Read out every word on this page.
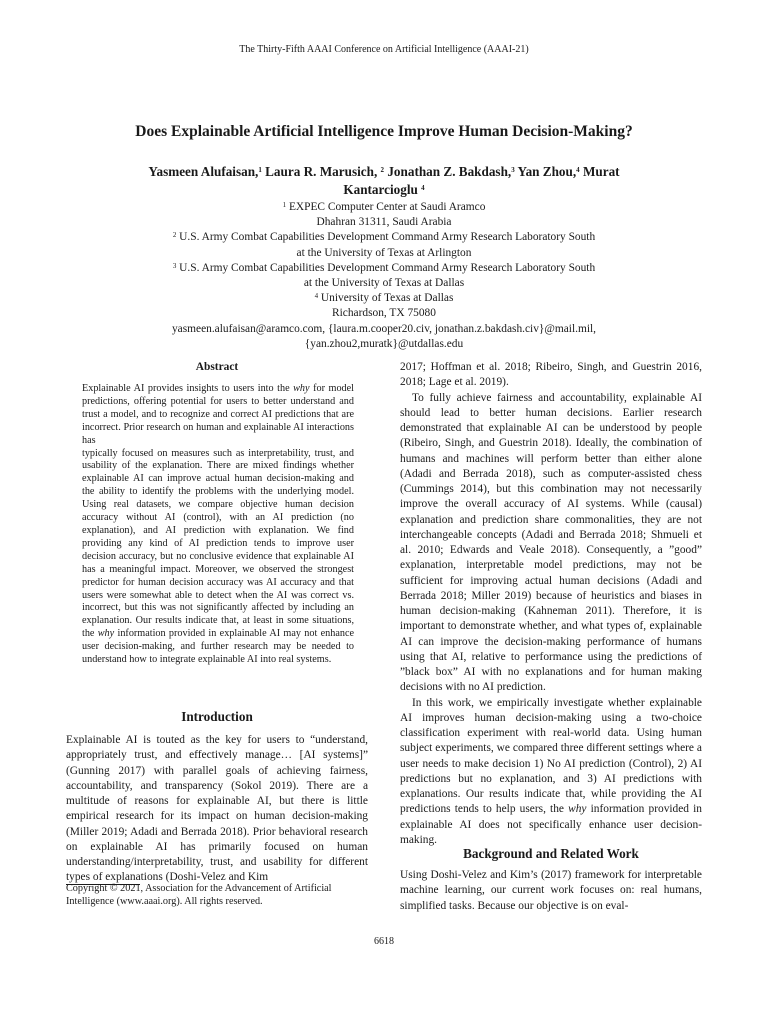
The Thirty-Fifth AAAI Conference on Artificial Intelligence (AAAI-21)
Does Explainable Artificial Intelligence Improve Human Decision-Making?
Yasmeen Alufaisan,$^1$ Laura R. Marusich, $^2$ Jonathan Z. Bakdash,$^3$ Yan Zhou,$^4$ Murat Kantarcioglu $^4$
$^1$ EXPEC Computer Center at Saudi Aramco
Dhahran 31311, Saudi Arabia
$^2$ U.S. Army Combat Capabilities Development Command Army Research Laboratory South
at the University of Texas at Arlington
$^3$ U.S. Army Combat Capabilities Development Command Army Research Laboratory South
at the University of Texas at Dallas
$^4$ University of Texas at Dallas
Richardson, TX 75080
yasmeen.alufaisan@aramco.com, {laura.m.cooper20.civ, jonathan.z.bakdash.civ}@mail.mil,
{yan.zhou2,muratk}@utdallas.edu
Abstract

Explainable AI provides insights to users into the why for model predictions, offering potential for users to better understand and trust a model, and to recognize and correct AI predictions that are incorrect. Prior research on human and explainable AI interactions has

typically focused on measures such as interpretability, trust, and usability of the explanation. There are mixed findings whether explainable AI can improve actual human decision-making and the ability to identify the problems with the underlying model. Using real datasets, we compare objective human decision accuracy without AI (control), with an AI prediction (no explanation), and AI prediction with explanation. We find providing any kind of AI prediction tends to improve user decision accuracy, but no conclusive evidence that explainable AI has a meaningful impact. Moreover, we observed the strongest predictor for human decision accuracy was AI accuracy and that users were somewhat able to detect when the AI was correct vs. incorrect, but this was not significantly affected by including an explanation. Our results indicate that, at least in some situations, the why information provided in explainable AI may not enhance user decision-making, and further research may be needed to understand how to integrate explainable AI into real systems.

Introduction

Explainable AI is touted as the key for users to “understand, appropriately trust, and effectively manage… [AI systems]” (Gunning 2017) with parallel goals of achieving fairness, accountability, and transparency (Sokol 2019). There are a multitude of reasons for explainable AI, but there is little empirical research for its impact on human decision-making (Miller 2019; Adadi and Berrada 2018). Prior behavioral research on explainable AI has primarily focused on human understanding/interpretability, trust, and usability for different types of explanations (Doshi-Velez and Kim

Copyright © 2021, Association for the Advancement of Artificial Intelligence (www.aaai.org). All rights reserved.

2017; Hoffman et al. 2018; Ribeiro, Singh, and Guestrin 2016, 2018; Lage et al. 2019).

To fully achieve fairness and accountability, explainable AI should lead to better human decisions. Earlier research demonstrated that explainable AI can be understood by people (Ribeiro, Singh, and Guestrin 2018). Ideally, the combination of humans and machines will perform better than either alone (Adadi and Berrada 2018), such as computer-assisted chess (Cummings 2014), but this combination may not necessarily improve the overall accuracy of AI systems. While (causal) explanation and prediction share commonalities, they are not interchangeable concepts (Adadi and Berrada 2018; Shmueli et al. 2010; Edwards and Veale 2018). Consequently, a ”good” explanation, interpretable model predictions, may not be sufficient for improving actual human decisions (Adadi and Berrada 2018; Miller 2019) because of heuristics and biases in human decision-making (Kahneman 2011). Therefore, it is important to demonstrate whether, and what types of, explainable AI can improve the decision-making performance of humans using that AI, relative to performance using the predictions of ”black box” AI with no explanations and for human making decisions with no AI prediction.

In this work, we empirically investigate whether explainable AI improves human decision-making using a two-choice classification experiment with real-world data. Using human subject experiments, we compared three different settings where a user needs to make decision 1) No AI prediction (Control), 2) AI predictions but no explanation, and 3) AI predictions with explanations. Our results indicate that, while providing the AI predictions tends to help users, the why information provided in explainable AI does not specifically enhance user decision-making.

Background and Related Work

Using Doshi-Velez and Kim’s (2017) framework for interpretable machine learning, our current work focuses on: real humans, simplified tasks. Because our objective is on eval-

6618
